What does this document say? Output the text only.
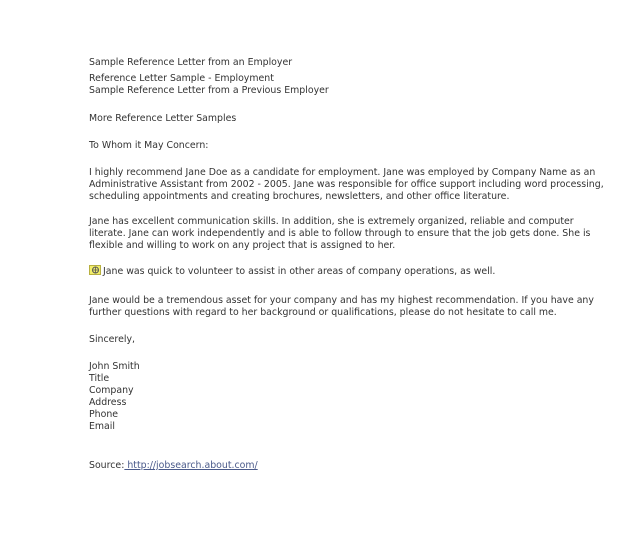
Sample Reference Letter from an Employer
Reference Letter Sample - Employment
Sample Reference Letter from a Previous Employer
More Reference Letter Samples
To Whom it May Concern:

I highly recommend Jane Doe as a candidate for employment. Jane was employed by Company Name as an Administrative Assistant from 2002 - 2005. Jane was responsible for office support including word processing, scheduling appointments and creating brochures, newsletters, and other office literature.

Jane has excellent communication skills. In addition, she is extremely organized, reliable and computer literate. Jane can work independently and is able to follow through to ensure that the job gets done. She is flexible and willing to work on any project that is assigned to her.

Jane was quick to volunteer to assist in other areas of company operations, as well.

Jane would be a tremendous asset for your company and has my highest recommendation. If you have any further questions with regard to her background or qualifications, please do not hesitate to call me.

Sincerely,
John Smith
Title
Company
Address
Phone
Email
Source: http://jobsearch.about.com/
